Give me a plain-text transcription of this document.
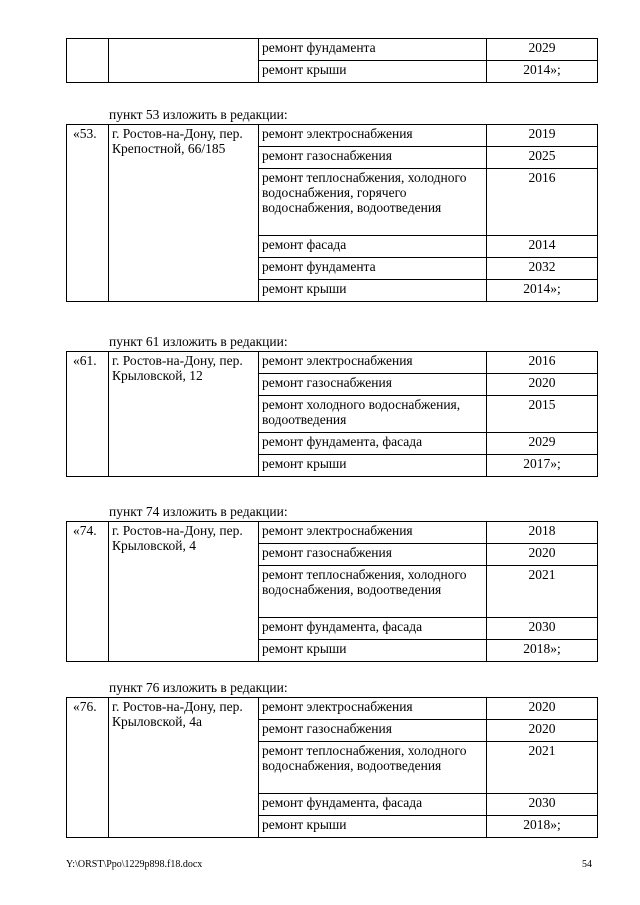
		ремонт фундамента	2029
		ремонт крыши	2014»;
пункт 53 изложить в редакции:
«53.	г. Ростов-на-Дону, пер. Крепостной, 66/185	ремонт электроснабжения	2019
		ремонт газоснабжения	2025
		ремонт теплоснабжения, холодного водоснабжения, горячего водоснабжения, водоотведения	2016
		ремонт фасада	2014
		ремонт фундамента	2032
		ремонт крыши	2014»;
пункт 61 изложить в редакции:
«61.	г. Ростов-на-Дону, пер. Крыловской, 12	ремонт электроснабжения	2016
		ремонт газоснабжения	2020
		ремонт холодного водоснабжения, водоотведения	2015
		ремонт фундамента, фасада	2029
		ремонт крыши	2017»;
пункт 74 изложить в редакции:
«74.	г. Ростов-на-Дону, пер. Крыловской, 4	ремонт электроснабжения	2018
		ремонт газоснабжения	2020
		ремонт теплоснабжения, холодного водоснабжения, водоотведения	2021
		ремонт фундамента, фасада	2030
		ремонт крыши	2018»;
пункт 76 изложить в редакции:
«76.	г. Ростов-на-Дону, пер. Крыловской, 4а	ремонт электроснабжения	2020
		ремонт газоснабжения	2020
		ремонт теплоснабжения, холодного водоснабжения, водоотведения	2021
		ремонт фундамента, фасада	2030
		ремонт крыши	2018»;
Y:\ORST\Ppo\1229p898.f18.docx	54
